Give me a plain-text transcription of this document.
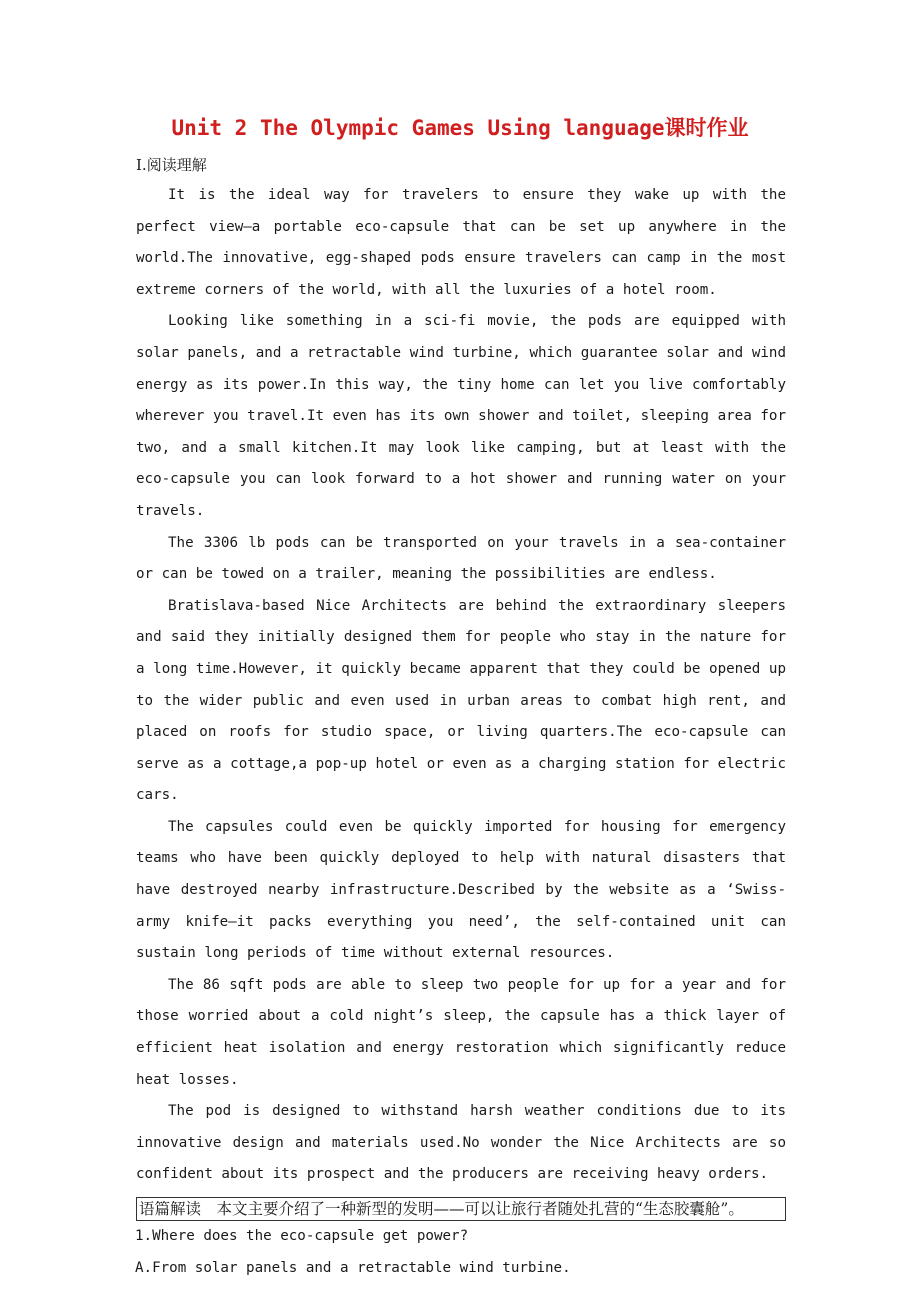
Unit 2 The Olympic Games Using language课时作业
Ⅰ.阅读理解

It is the ideal way for travelers to ensure they wake up with the perfect view—a portable eco-capsule that can be set up anywhere in the world.The innovative, egg-shaped pods ensure travelers can camp in the most extreme corners of the world, with all the luxuries of a hotel room.

Looking like something in a sci-fi movie, the pods are equipped with solar panels, and a retractable wind turbine, which guarantee solar and wind energy as its power.In this way, the tiny home can let you live comfortably wherever you travel.It even has its own shower and toilet, sleeping area for two, and a small kitchen.It may look like camping, but at least with the eco-capsule you can look forward to a hot shower and running water on your travels.

The 3306 lb pods can be transported on your travels in a sea-container or can be towed on a trailer, meaning the possibilities are endless.

Bratislava-based Nice Architects are behind the extraordinary sleepers and said they initially designed them for people who stay in the nature for a long time.However, it quickly became apparent that they could be opened up to the wider public and even used in urban areas to combat high rent, and placed on roofs for studio space, or living quarters.The eco-capsule can serve as a cottage,a pop-up hotel or even as a charging station for electric cars.

The capsules could even be quickly imported for housing for emergency teams who have been quickly deployed to help with natural disasters that have destroyed nearby infrastructure.Described by the website as a ‘Swiss-army knife—it packs everything you need’, the self-contained unit can sustain long periods of time without external resources.

The 86 sqft pods are able to sleep two people for up for a year and for those worried about a cold night’s sleep, the capsule has a thick layer of efficient heat isolation and energy restoration which significantly reduce heat losses.

The pod is designed to withstand harsh weather conditions due to its innovative design and materials used.No wonder the Nice Architects are so confident about its prospect and the producers are receiving heavy orders.

语篇解读　本文主要介绍了一种新型的发明——可以让旅行者随处扎营的“生态胶囊舱”。

1.Where does the eco-capsule get power?

A.From solar panels and a retractable wind turbine.
